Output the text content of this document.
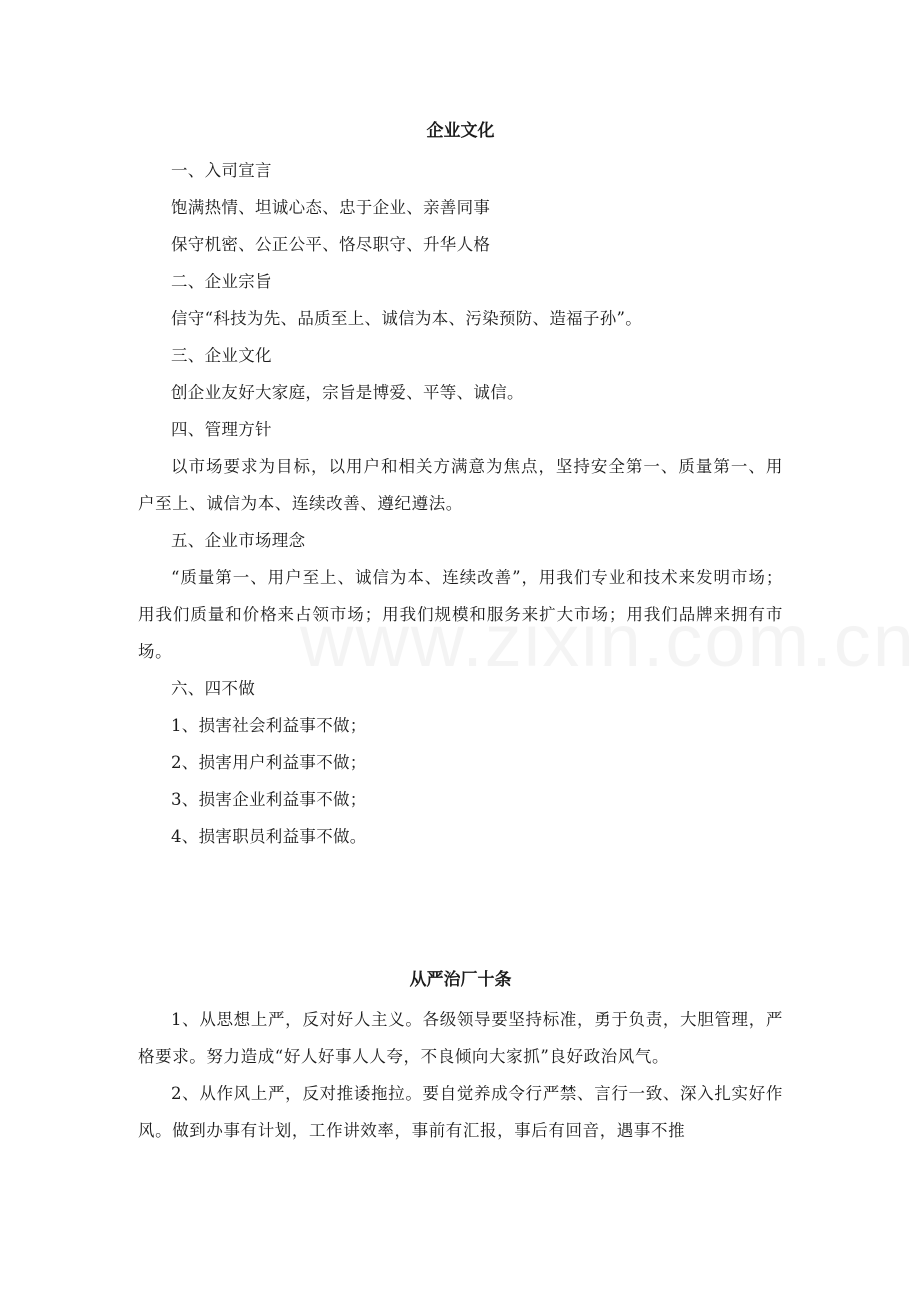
企业文化

一、入司宣言

饱满热情、坦诚心态、忠于企业、亲善同事

保守机密、公正公平、恪尽职守、升华人格

二、企业宗旨

信守“科技为先、品质至上、诚信为本、污染预防、造福子孙”。

三、企业文化

创企业友好大家庭，宗旨是博爱、平等、诚信。

四、管理方针

以市场要求为目标，以用户和相关方满意为焦点，坚持安全第一、质量第一、用户至上、诚信为本、连续改善、遵纪遵法。

五、企业市场理念

“质量第一、用户至上、诚信为本、连续改善”，用我们专业和技术来发明市场；用我们质量和价格来占领市场；用我们规模和服务来扩大市场；用我们品牌来拥有市场。

六、四不做

1、损害社会利益事不做；

2、损害用户利益事不做；

3、损害企业利益事不做；

4、损害职员利益事不做。

从严治厂十条

1、从思想上严，反对好人主义。各级领导要坚持标准，勇于负责，大胆管理，严格要求。努力造成“好人好事人人夸，不良倾向大家抓”良好政治风气。

2、从作风上严，反对推诿拖拉。要自觉养成令行严禁、言行一致、深入扎实好作风。做到办事有计划，工作讲效率，事前有汇报，事后有回音，遇事不推
